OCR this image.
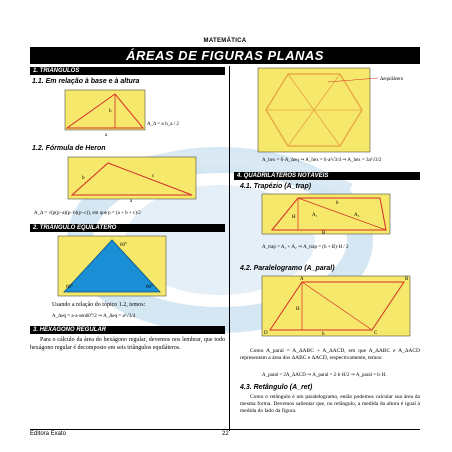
MATEMÁTICA
ÁREAS DE FIGURAS PLANAS
1. TRIÂNGULOS
1.1. Em relação à base e à altura
h
a
A_Δ = a·h_a / 2
1.2. Fórmula de Heron
b	c
a
A_Δ = √(p(p−a)(p−b)(p−c)), em que p = (a + b + c)/2
2. TRIÂNGULO EQUILÁTERO
60°
60°	60°
Usando a relação do tópico 1.2, temos:
A_Δeq = a·a·sen60°/2 ⇒ A_Δeq = a²√3/4
3. HEXÁGONO REGULAR
Para o cálculo da área do hexágono regular, devemos nos lembrar, que todo hexágono regular é decomposto em seis triângulos equiláteros.
Δequilátero
A_hex = 6·A_Δeq ⇒ A_hex = 6·a²√3/4 ⇒ A_hex = 3a²√3/2
4. QUADRILÁTEROS NOTÁVEIS
4.1. Trapézio (A_trap)
H	A₁	A₂
B
b
A_trap = A₁ + A₂ ⇒ A_trap = (b + B)·H / 2
4.2. Paralelogramo (A_paral)
H
A	B
C
D	b
Como A_paral = A_ΔABC + A_ΔACD, em que A_ΔABC e A_ΔACD representam a área dos ΔABC e ΔACD, respectivamente, temos:
A_paral = 2A_ΔACD ⇒ A_paral = 2·b·H/2 ⇒ A_paral = b·H.
4.3. Retângulo (A_ret)
Como o retângulo é um paralelogramo, então podemos calcular sua área da mesma forma. Devemos salientar que, no retângulo, a medida da altura é igual à medida do lado da figura.
Editora Exato	22
